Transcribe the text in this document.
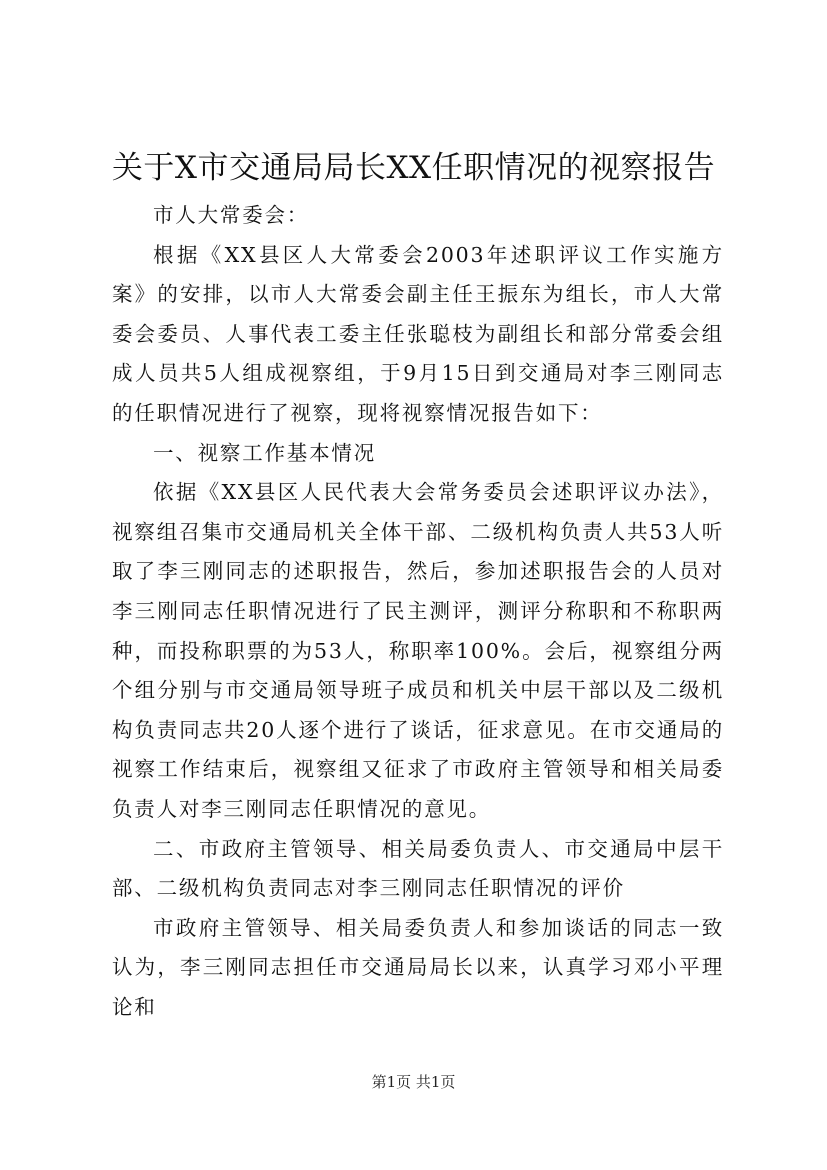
关于X市交通局局长XX任职情况的视察报告

市人大常委会：

根据《XX县区人大常委会2003年述职评议工作实施方案》的安排，以市人大常委会副主任王振东为组长，市人大常委会委员、人事代表工委主任张聪枝为副组长和部分常委会组成人员共5人组成视察组，于9月15日到交通局对李三刚同志的任职情况进行了视察，现将视察情况报告如下：

一、视察工作基本情况

依据《XX县区人民代表大会常务委员会述职评议办法》，视察组召集市交通局机关全体干部、二级机构负责人共53人听取了李三刚同志的述职报告，然后，参加述职报告会的人员对李三刚同志任职情况进行了民主测评，测评分称职和不称职两种，而投称职票的为53人，称职率100%。会后，视察组分两个组分别与市交通局领导班子成员和机关中层干部以及二级机构负责同志共20人逐个进行了谈话，征求意见。在市交通局的视察工作结束后，视察组又征求了市政府主管领导和相关局委负责人对李三刚同志任职情况的意见。

二、市政府主管领导、相关局委负责人、市交通局中层干部、二级机构负责同志对李三刚同志任职情况的评价

市政府主管领导、相关局委负责人和参加谈话的同志一致认为，李三刚同志担任市交通局局长以来，认真学习邓小平理论和

第1页 共1页
